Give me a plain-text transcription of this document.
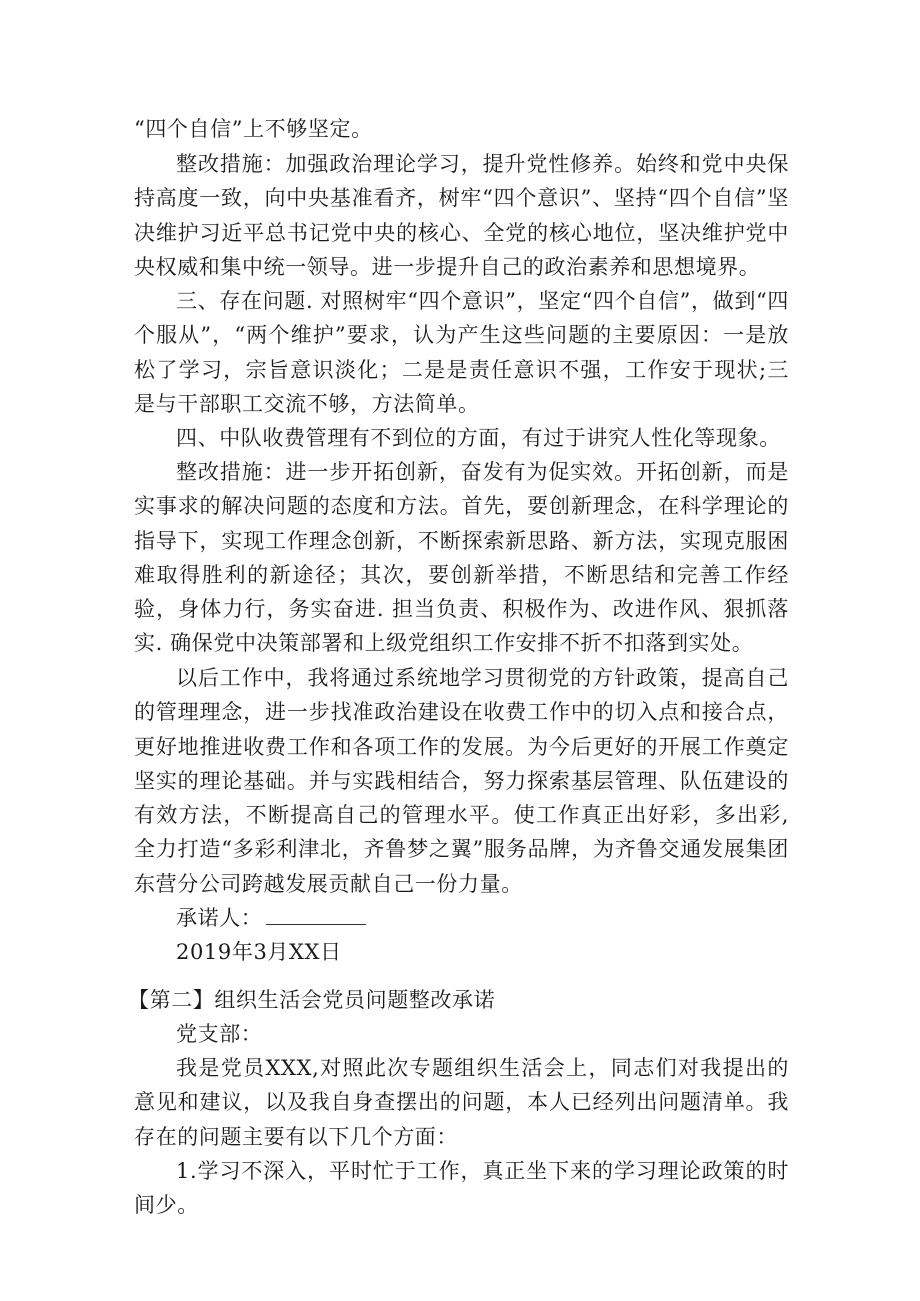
“四个自信”上不够坚定。

整改措施：加强政治理论学习，提升党性修养。始终和党中央保持高度一致，向中央基准看齐，树牢“四个意识”、坚持“四个自信”坚决维护习近平总书记党中央的核心、全党的核心地位，坚决维护党中央权威和集中统一领导。进一步提升自己的政治素养和思想境界。

三、存在问题. 对照树牢“四个意识”，坚定“四个自信”，做到“四个服从”，“两个维护”要求，认为产生这些问题的主要原因：一是放松了学习，宗旨意识淡化；二是是责任意识不强，工作安于现状;三是与干部职工交流不够，方法简单。

四、中队收费管理有不到位的方面，有过于讲究人性化等现象。

整改措施：进一步开拓创新，奋发有为促实效。开拓创新，而是实事求的解决问题的态度和方法。首先，要创新理念，在科学理论的指导下，实现工作理念创新，不断探索新思路、新方法，实现克服困难取得胜利的新途径；其次，要创新举措，不断思结和完善工作经验，身体力行，务实奋进. 担当负责、积极作为、改进作风、狠抓落实. 确保党中决策部署和上级党组织工作安排不折不扣落到实处。

以后工作中，我将通过系统地学习贯彻党的方针政策，提高自己的管理理念，进一步找准政治建设在收费工作中的切入点和接合点，更好地推进收费工作和各项工作的发展。为今后更好的开展工作奠定坚实的理论基础。并与实践相结合，努力探索基层管理、队伍建设的有效方法，不断提高自己的管理水平。使工作真正出好彩，多出彩, 全力打造“多彩利津北，齐鲁梦之翼”服务品牌，为齐鲁交通发展集团东营分公司跨越发展贡献自己一份力量。

承诺人：

2019年3月XX日

【第二】组织生活会党员问题整改承诺

党支部：

我是党员XXX,对照此次专题组织生活会上，同志们对我提出的意见和建议，以及我自身查摆出的问题，本人已经列出问题清单。我存在的问题主要有以下几个方面：

1.学习不深入，平时忙于工作，真正坐下来的学习理论政策的时间少。
